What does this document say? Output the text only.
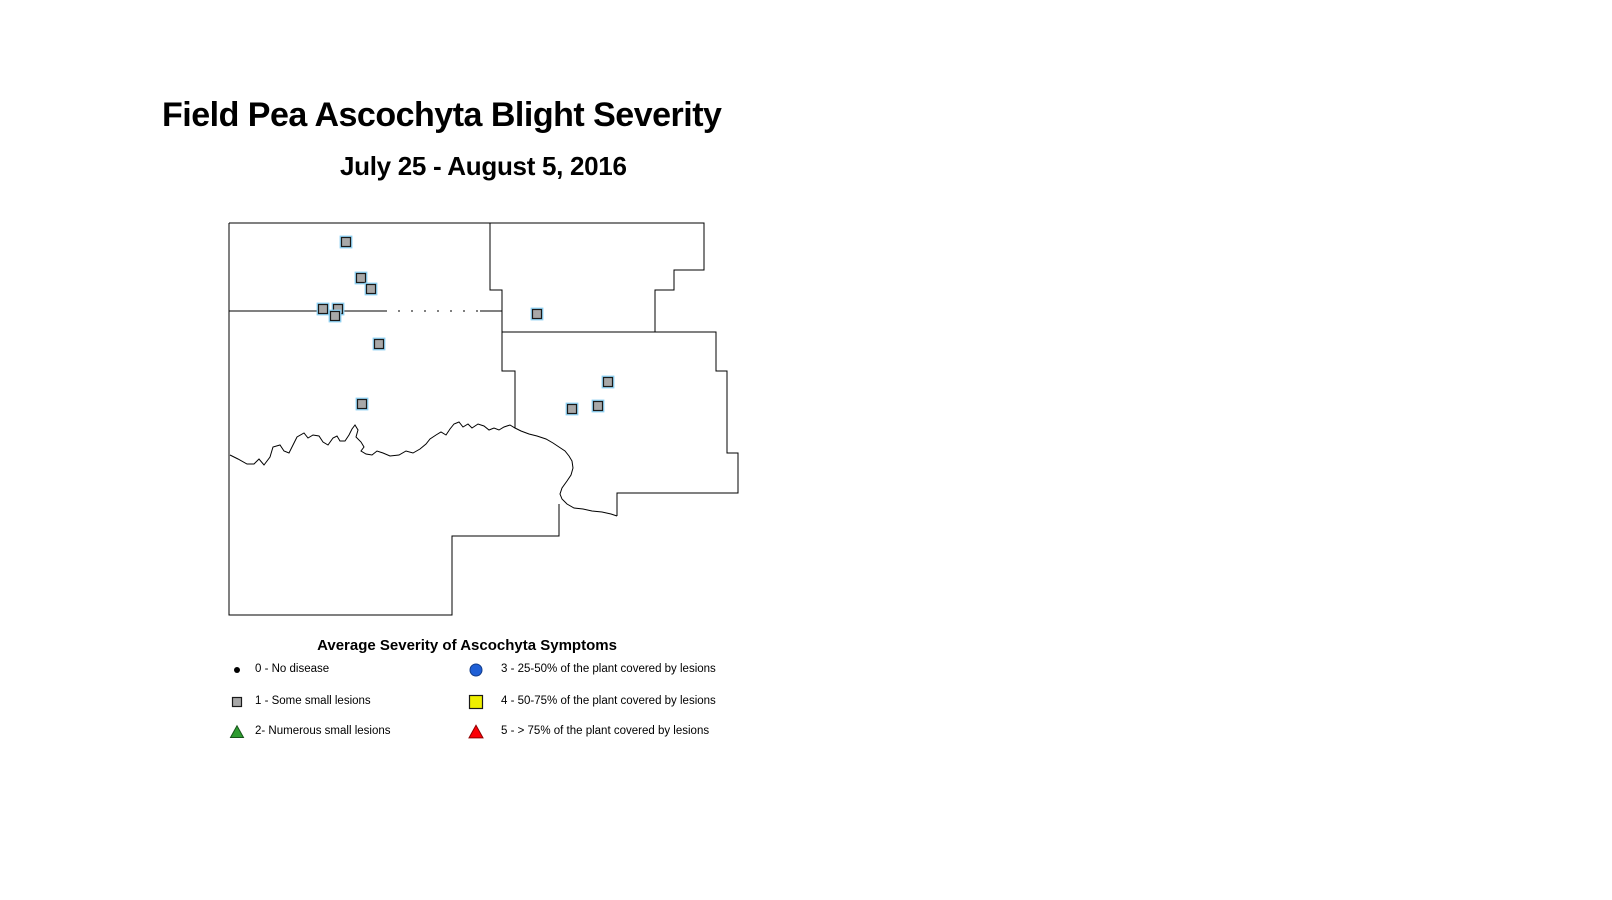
Field Pea Ascochyta Blight Severity
July 25 - August 5, 2016
Average Severity of Ascochyta Symptoms
0 - No disease
1 - Some small lesions
2- Numerous small lesions
3 - 25-50% of the plant covered by lesions
4 - 50-75% of the plant covered by lesions
5 - > 75% of the plant covered by lesions
